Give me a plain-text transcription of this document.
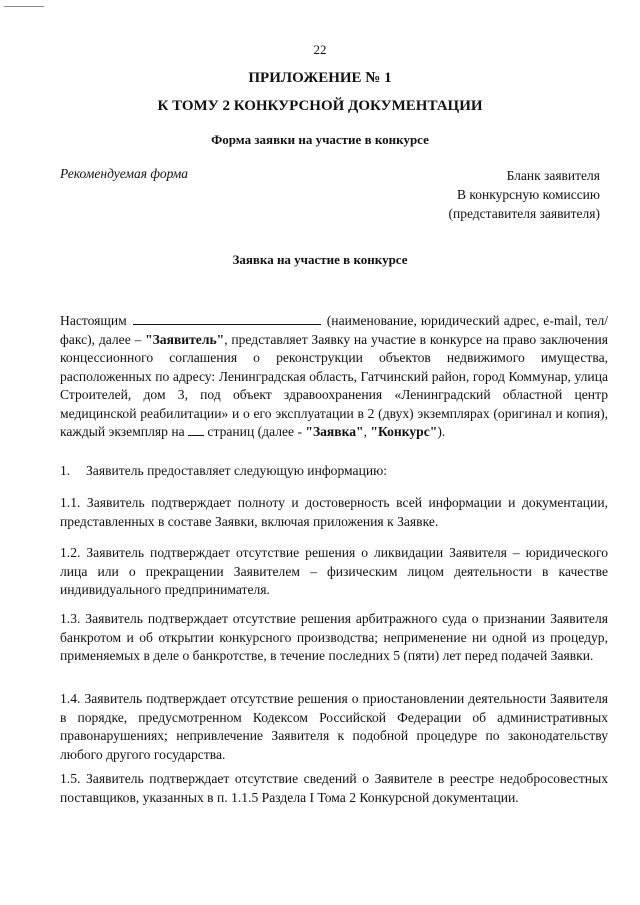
22
ПРИЛОЖЕНИЕ № 1
К ТОМУ 2 КОНКУРСНОЙ ДОКУМЕНТАЦИИ
Форма заявки на участие в конкурсе
Рекомендуемая форма	Бланк заявителя
В конкурсную комиссию
(представителя заявителя)
Заявка на участие в конкурсе
Настоящим	(наименование, юридический адрес, e-mail, тел/факс), далее – "Заявитель", представляет Заявку на участие в конкурсе на право заключения концессионного соглашения о реконструкции объектов недвижимого имущества, расположенных по адресу: Ленинградская область, Гатчинский район, город Коммунар, улица Строителей, дом 3, под объект здравоохранения «Ленинградский областной центр медицинской реабилитации» и о его эксплуатации в 2 (двух) экземплярах (оригинал и копия), каждый экземпляр на  страниц (далее - "Заявка", "Конкурс").
1. Заявитель предоставляет следующую информацию:
1.1. Заявитель подтверждает полноту и достоверность всей информации и документации, представленных в составе Заявки, включая приложения к Заявке.
1.2. Заявитель подтверждает отсутствие решения о ликвидации Заявителя – юридического лица или о прекращении Заявителем – физическим лицом деятельности в качестве индивидуального предпринимателя.
1.3. Заявитель подтверждает отсутствие решения арбитражного суда о признании Заявителя банкротом и об открытии конкурсного производства; неприменение ни одной из процедур, применяемых в деле о банкротстве, в течение последних 5 (пяти) лет перед подачей Заявки.
1.4. Заявитель подтверждает отсутствие решения о приостановлении деятельности Заявителя в порядке, предусмотренном Кодексом Российской Федерации об административных правонарушениях; непривлечение Заявителя к подобной процедуре по законодательству любого другого государства.
1.5. Заявитель подтверждает отсутствие сведений о Заявителе в реестре недобросовестных поставщиков, указанных в п. 1.1.5 Раздела I Тома 2 Конкурсной документации.
